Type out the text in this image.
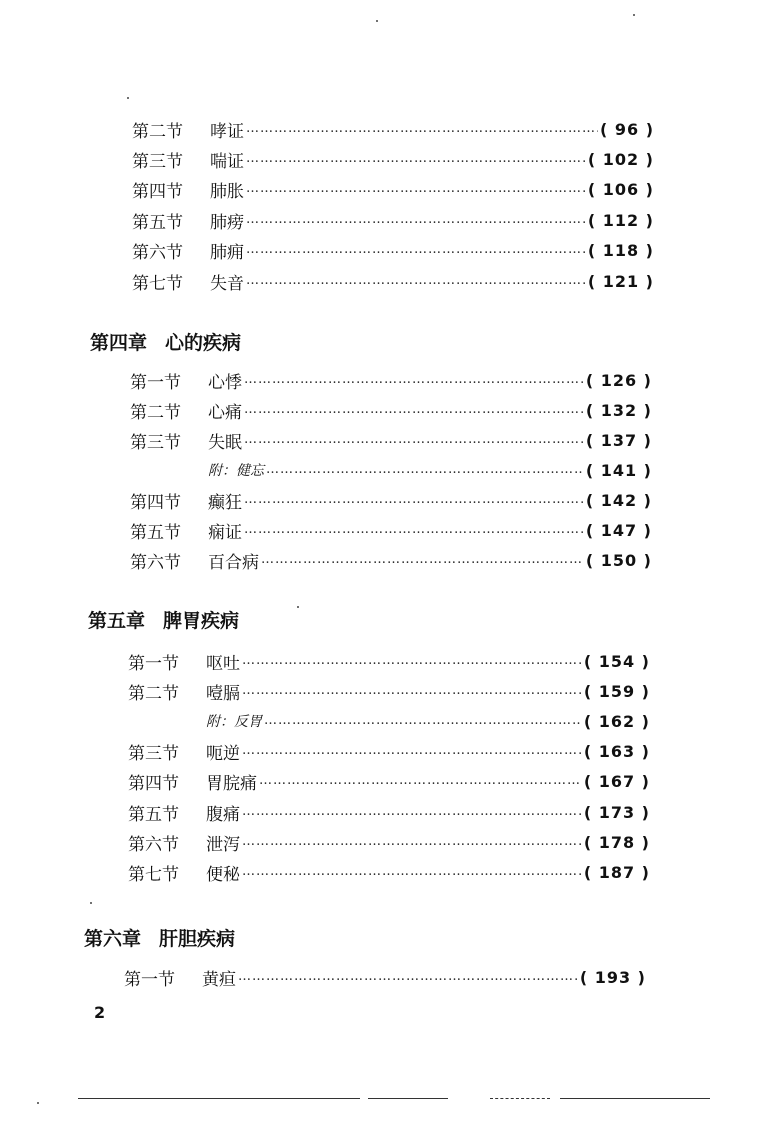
第二节	哮证 ………………………………………………………………………………………………………………………………………………………………	( 96 )
第三节	喘证 ………………………………………………………………………………………………………………………………………………………………	( 102 )
第四节	肺胀 ………………………………………………………………………………………………………………………………………………………………	( 106 )
第五节	肺痨 ………………………………………………………………………………………………………………………………………………………………	( 112 )
第六节	肺痈 ………………………………………………………………………………………………………………………………………………………………	( 118 )
第七节	失音 ………………………………………………………………………………………………………………………………………………………………	( 121 )
第四章 心的疾病
第一节	心悸 ………………………………………………………………………………………………………………………………………………………………	( 126 )
第二节	心痛 ………………………………………………………………………………………………………………………………………………………………	( 132 )
第三节	失眠 ………………………………………………………………………………………………………………………………………………………………	( 137 )
附：健忘 ………………………………………………………………………………………………………………………………………………………………	( 141 )
第四节	癫狂 ………………………………………………………………………………………………………………………………………………………………	( 142 )
第五节	痫证 ………………………………………………………………………………………………………………………………………………………………	( 147 )
第六节	百合病 ………………………………………………………………………………………………………………………………………………………………	( 150 )
第五章 脾胃疾病
第一节	呕吐 ………………………………………………………………………………………………………………………………………………………………	( 154 )
第二节	噎膈 ………………………………………………………………………………………………………………………………………………………………	( 159 )
附：反胃 ………………………………………………………………………………………………………………………………………………………………	( 162 )
第三节	呃逆 ………………………………………………………………………………………………………………………………………………………………	( 163 )
第四节	胃脘痛 ………………………………………………………………………………………………………………………………………………………………	( 167 )
第五节	腹痛 ………………………………………………………………………………………………………………………………………………………………	( 173 )
第六节	泄泻 ………………………………………………………………………………………………………………………………………………………………	( 178 )
第七节	便秘 ………………………………………………………………………………………………………………………………………………………………	( 187 )
第六章 肝胆疾病
第一节	黄疸 ………………………………………………………………………………………………………………………………………………………………	( 193 )
2
